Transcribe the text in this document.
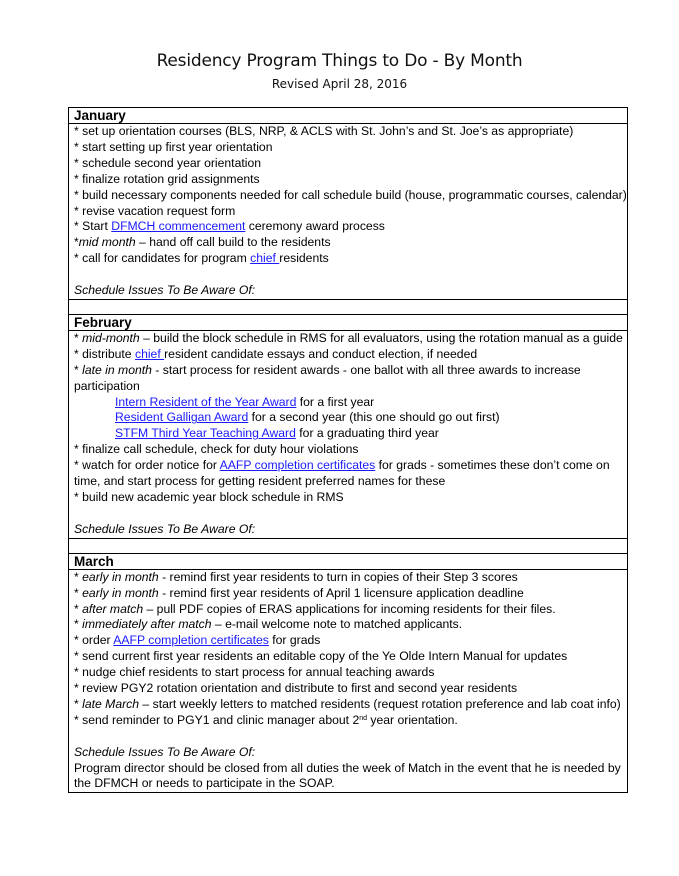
Residency Program Things to Do - By Month
Revised April 28, 2016
January

* set up orientation courses (BLS, NRP, & ACLS with St. John’s and St. Joe’s as appropriate)
* start setting up first year orientation
* schedule second year orientation
* finalize rotation grid assignments
* build necessary components needed for call schedule build (house, programmatic courses, calendar)
* revise vacation request form
* Start DFMCH commencement ceremony award process
*mid month – hand off call build to the residents
* call for candidates for program chief residents
Schedule Issues To Be Aware Of:

February

* mid-month – build the block schedule in RMS for all evaluators, using the rotation manual as a guide
* distribute chief resident candidate essays and conduct election, if needed
* late in month - start process for resident awards - one ballot with all three awards to increase participation
Intern Resident of the Year Award for a first year
Resident Galligan Award for a second year (this one should go out first)
STFM Third Year Teaching Award for a graduating third year
* finalize call schedule, check for duty hour violations
* watch for order notice for AAFP completion certificates for grads - sometimes these don’t come on time, and start process for getting resident preferred names for these
* build new academic year block schedule in RMS
Schedule Issues To Be Aware Of:

March

* early in month - remind first year residents to turn in copies of their Step 3 scores
* early in month - remind first year residents of April 1 licensure application deadline
* after match – pull PDF copies of ERAS applications for incoming residents for their files.
* immediately after match – e-mail welcome note to matched applicants.
* order AAFP completion certificates for grads
* send current first year residents an editable copy of the Ye Olde Intern Manual for updates
* nudge chief residents to start process for annual teaching awards
* review PGY2 rotation orientation and distribute to first and second year residents
* late March – start weekly letters to matched residents (request rotation preference and lab coat info)
* send reminder to PGY1 and clinic manager about 2nd year orientation.
Schedule Issues To Be Aware Of:
Program director should be closed from all duties the week of Match in the event that he is needed by the DFMCH or needs to participate in the SOAP.
